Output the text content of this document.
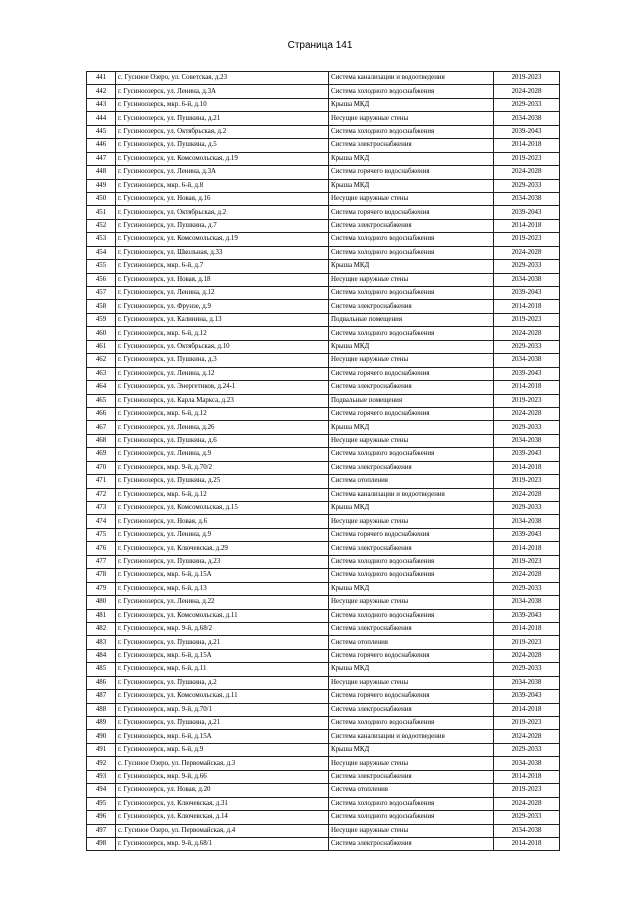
Страница 141
441	с. Гусиное Озеро, ул. Советская, д.23	Система канализации и водоотведения	2019-2023
442	г. Гусиноозерск, ул. Ленина, д.3А	Система холодного водоснабжения	2024-2028
443	г. Гусиноозерск, мкр. 6-й, д.10	Крыша МКД	2029-2033
444	г. Гусиноозерск, ул. Пушкина, д.21	Несущие наружные стены	2034-2038
445	г. Гусиноозерск, ул. Октябрьская, д.2	Система холодного водоснабжения	2039-2043
446	г. Гусиноозерск, ул. Пушкина, д.5	Система электроснабжения	2014-2018
447	г. Гусиноозерск, ул. Комсомольская, д.19	Крыша МКД	2019-2023
448	г. Гусиноозерск, ул. Ленина, д.3А	Система горячего водоснабжения	2024-2028
449	г. Гусиноозерск, мкр. 6-й, д.8	Крыша МКД	2029-2033
450	г. Гусиноозерск, ул. Новая, д.16	Несущие наружные стены	2034-2038
451	г. Гусиноозерск, ул. Октябрьская, д.2	Система горячего водоснабжения	2039-2043
452	г. Гусиноозерск, ул. Пушкина, д.7	Система электроснабжения	2014-2018
453	г. Гусиноозерск, ул. Комсомольская, д.19	Система холодного водоснабжения	2019-2023
454	г. Гусиноозерск, ул. Школьная, д.33	Система холодного водоснабжения	2024-2028
455	г. Гусиноозерск, мкр. 6-й, д.7	Крыша МКД	2029-2033
456	г. Гусиноозерск, ул. Новая, д.18	Несущие наружные стены	2034-2038
457	г. Гусиноозерск, ул. Ленина, д.12	Система холодного водоснабжения	2039-2043
458	г. Гусиноозерск, ул. Фрунзе, д.9	Система электроснабжения	2014-2018
459	г. Гусиноозерск, ул. Калинина, д.13	Подвальные помещения	2019-2023
460	г. Гусиноозерск, мкр. 6-й, д.12	Система холодного водоснабжения	2024-2028
461	г. Гусиноозерск, ул. Октябрьская, д.10	Крыша МКД	2029-2033
462	г. Гусиноозерск, ул. Пушкина, д.3	Несущие наружные стены	2034-2038
463	г. Гусиноозерск, ул. Ленина, д.12	Система горячего водоснабжения	2039-2043
464	г. Гусиноозерск, ул. Энергетиков, д.24-1	Система электроснабжения	2014-2018
465	г. Гусиноозерск, ул. Карла Маркса, д.23	Подвальные помещения	2019-2023
466	г. Гусиноозерск, мкр. 6-й, д.12	Система горячего водоснабжения	2024-2028
467	г. Гусиноозерск, ул. Ленина, д.26	Крыша МКД	2029-2033
468	г. Гусиноозерск, ул. Пушкина, д.6	Несущие наружные стены	2034-2038
469	г. Гусиноозерск, ул. Ленина, д.9	Система холодного водоснабжения	2039-2043
470	г. Гусиноозерск, мкр. 9-й, д.70/2	Система электроснабжения	2014-2018
471	г. Гусиноозерск, ул. Пушкина, д.25	Система отопления	2019-2023
472	г. Гусиноозерск, мкр. 6-й, д.12	Система канализации и водоотведения	2024-2028
473	г. Гусиноозерск, ул. Комсомольская, д.15	Крыша МКД	2029-2033
474	г. Гусиноозерск, ул. Новая, д.6	Несущие наружные стены	2034-2038
475	г. Гусиноозерск, ул. Ленина, д.9	Система горячего водоснабжения	2039-2043
476	г. Гусиноозерск, ул. Ключевская, д.29	Система электроснабжения	2014-2018
477	г. Гусиноозерск, ул. Пушкина, д.23	Система холодного водоснабжения	2019-2023
478	г. Гусиноозерск, мкр. 6-й, д.15А	Система холодного водоснабжения	2024-2028
479	г. Гусиноозерск, мкр. 6-й, д.13	Крыша МКД	2029-2033
480	г. Гусиноозерск, ул. Ленина, д.22	Несущие наружные стены	2034-2038
481	г. Гусиноозерск, ул. Комсомольская, д.11	Система холодного водоснабжения	2039-2043
482	г. Гусиноозерск, мкр. 9-й, д.68/2	Система электроснабжения	2014-2018
483	г. Гусиноозерск, ул. Пушкина, д.21	Система отопления	2019-2023
484	г. Гусиноозерск, мкр. 6-й, д.15А	Система горячего водоснабжения	2024-2028
485	г. Гусиноозерск, мкр. 6-й, д.11	Крыша МКД	2029-2033
486	г. Гусиноозерск, ул. Пушкина, д.2	Несущие наружные стены	2034-2038
487	г. Гусиноозерск, ул. Комсомольская, д.11	Система горячего водоснабжения	2039-2043
488	г. Гусиноозерск, мкр. 9-й, д.70/1	Система электроснабжения	2014-2018
489	г. Гусиноозерск, ул. Пушкина, д.21	Система холодного водоснабжения	2019-2023
490	г. Гусиноозерск, мкр. 6-й, д.15А	Система канализации и водоотведения	2024-2028
491	г. Гусиноозерск, мкр. 6-й, д.9	Крыша МКД	2029-2033
492	с. Гусиное Озеро, ул. Первомайская, д.3	Несущие наружные стены	2034-2038
493	г. Гусиноозерск, мкр. 9-й, д.66	Система электроснабжения	2014-2018
494	г. Гусиноозерск, ул. Новая, д.20	Система отопления	2019-2023
495	г. Гусиноозерск, ул. Ключевская, д.31	Система холодного водоснабжения	2024-2028
496	г. Гусиноозерск, ул. Ключевская, д.14	Система холодного водоснабжения	2029-2033
497	с. Гусиное Озеро, ул. Первомайская, д.4	Несущие наружные стены	2034-2038
498	г. Гусиноозерск, мкр. 9-й, д.68/1	Система электроснабжения	2014-2018
